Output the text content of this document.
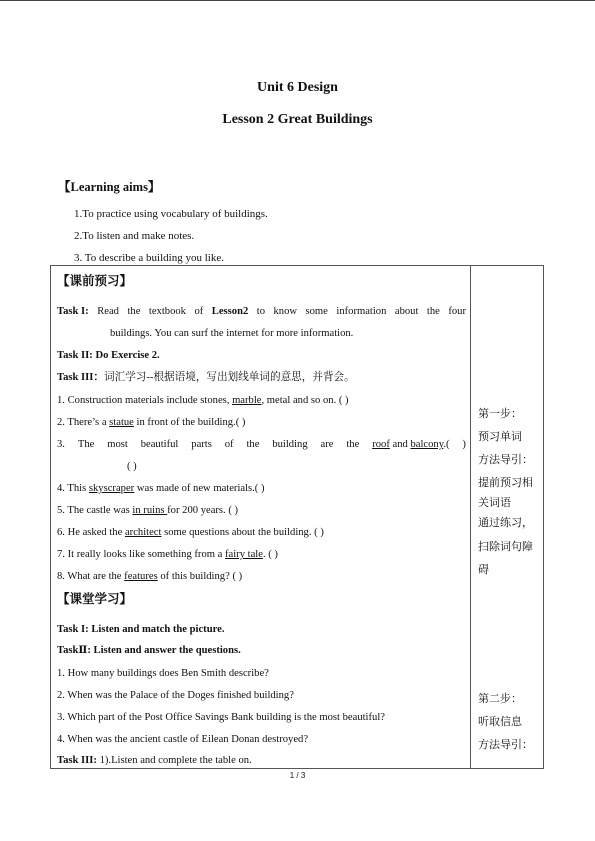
Unit 6 Design
Lesson 2 Great Buildings
【Learning aims】
1.To practice using vocabulary of buildings.
2.To listen and make notes.
3. To describe a building you like.
【课前预习】
Task I: Read the textbook of Lesson2 to know some information about the four
buildings. You can surf the internet for more information.
Task II: Do Exercise 2.
Task III：词汇学习--根据语境，写出划线单词的意思，并背会。
1. Construction materials include stones, marble, metal and so on. ( )
2. There’s a statue in front of the building.( )
3. The most beautiful parts of the building are the roof and balcony.( )
( )
4. This skyscraper was made of new materials.( )
5. The castle was in ruins for 200 years. ( )
6. He asked the architect some questions about the building. ( )
7. It really looks like something from a fairy tale. ( )
8. What are the features of this building? ( )
【课堂学习】
Task I: Listen and match the picture.
TaskⅡ: Listen and answer the questions.
1. How many buildings does Ben Smith describe?
2. When was the Palace of the Doges finished building?
3. Which part of the Post Office Savings Bank building is the most beautiful?
4. When was the ancient castle of Eilean Donan destroyed?
Task III: 1).Listen and complete the table on.
第一步：
预习单词
方法导引：
提前预习相
关词语
通过练习，
扫除词句障
碍
第二步：
听取信息
方法导引：
1 / 3
